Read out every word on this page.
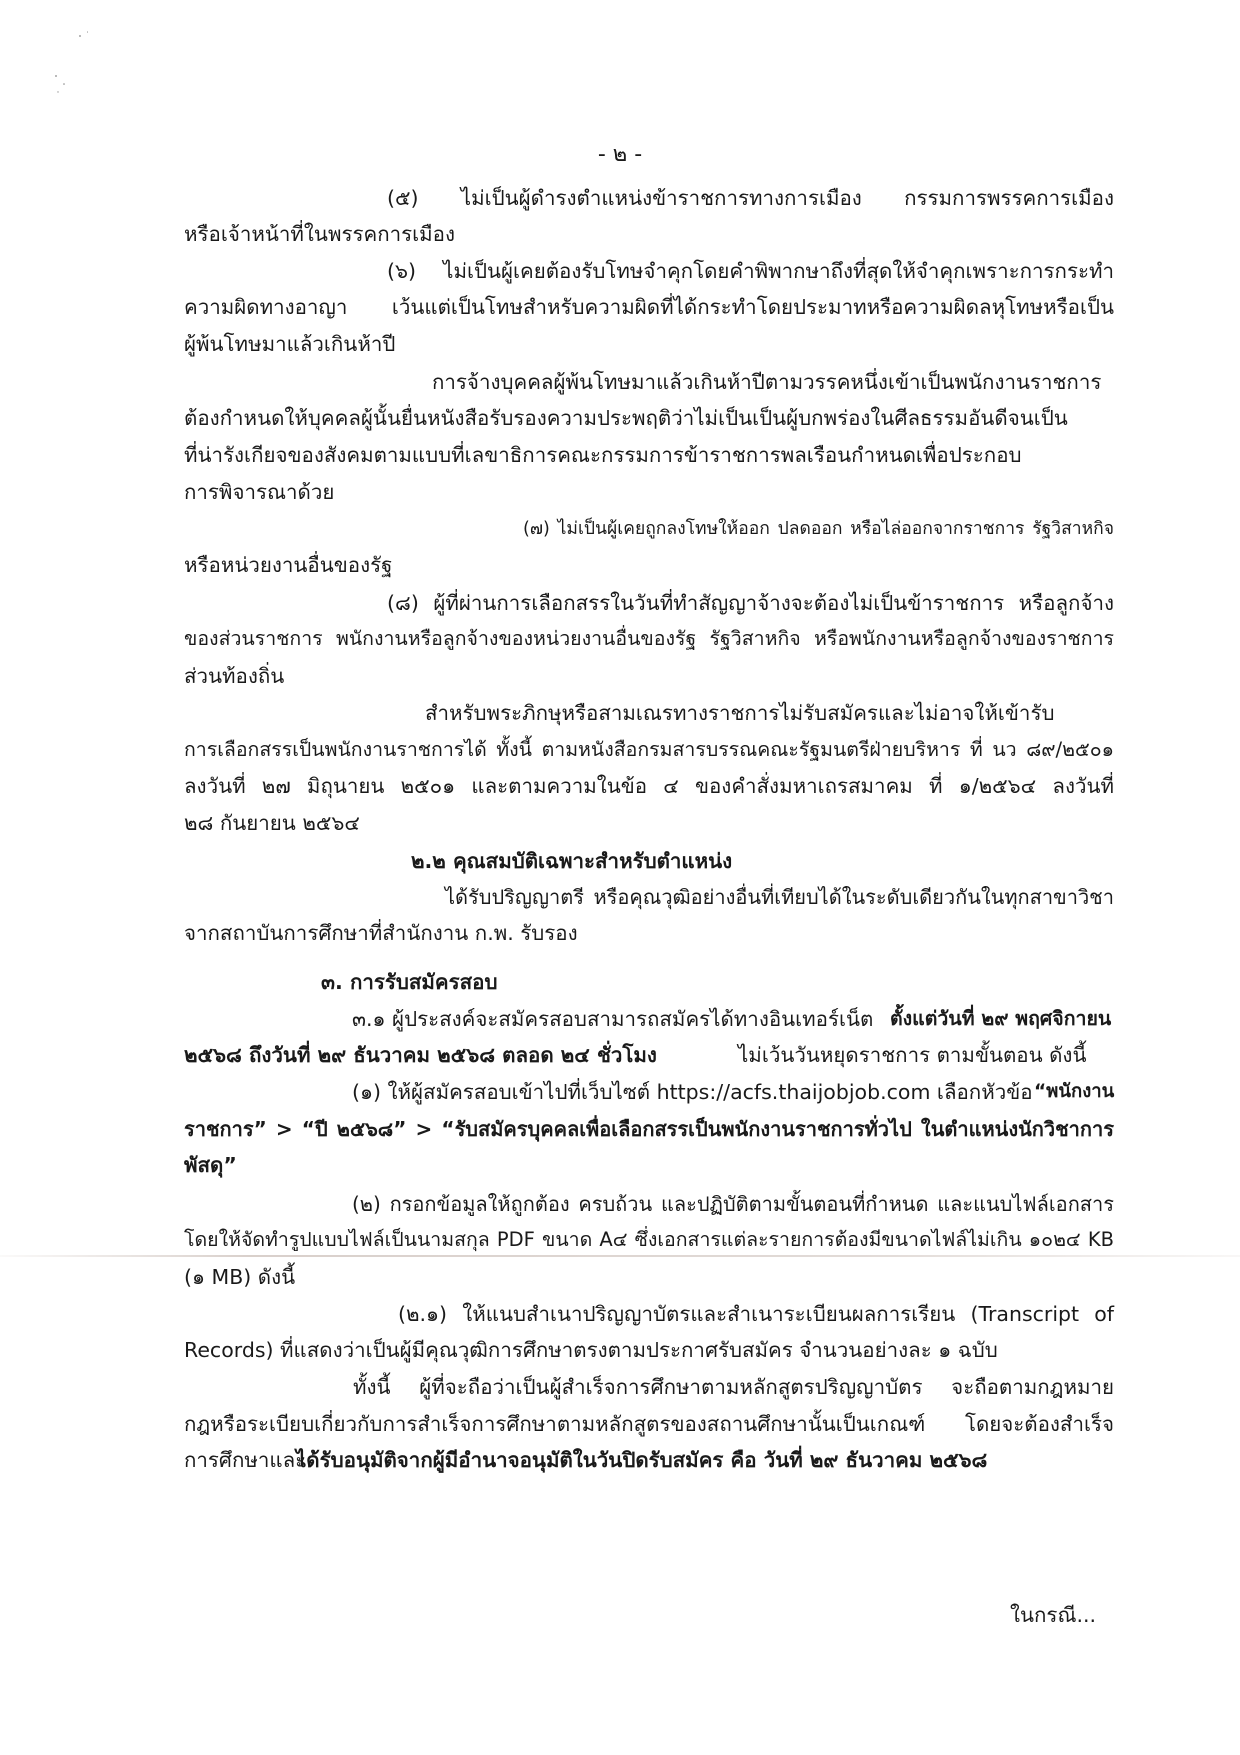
- ๒ -
(๕) ไม่เป็นผู้ดำรงตำแหน่งข้าราชการทางการเมือง กรรมการพรรคการเมือง
หรือเจ้าหน้าที่ในพรรคการเมือง
(๖) ไม่เป็นผู้เคยต้องรับโทษจำคุกโดยคำพิพากษาถึงที่สุดให้จำคุกเพราะการกระทำ
ความผิดทางอาญา เว้นแต่เป็นโทษสำหรับความผิดที่ได้กระทำโดยประมาทหรือความผิดลหุโทษหรือเป็น
ผู้พ้นโทษมาแล้วเกินห้าปี
การจ้างบุคคลผู้พ้นโทษมาแล้วเกินห้าปีตามวรรคหนึ่งเข้าเป็นพนักงานราชการ
ต้องกำหนดให้บุคคลผู้นั้นยื่นหนังสือรับรองความประพฤติว่าไม่เป็นเป็นผู้บกพร่องในศีลธรรมอันดีจนเป็น
ที่น่ารังเกียจของสังคมตามแบบที่เลขาธิการคณะกรรมการข้าราชการพลเรือนกำหนดเพื่อประกอบ
การพิจารณาด้วย
(๗) ไม่เป็นผู้เคยถูกลงโทษให้ออก ปลดออก หรือไล่ออกจากราชการ รัฐวิสาหกิจ
หรือหน่วยงานอื่นของรัฐ
(๘) ผู้ที่ผ่านการเลือกสรรในวันที่ทำสัญญาจ้างจะต้องไม่เป็นข้าราชการ หรือลูกจ้าง
ของส่วนราชการ พนักงานหรือลูกจ้างของหน่วยงานอื่นของรัฐ รัฐวิสาหกิจ หรือพนักงานหรือลูกจ้างของราชการ
ส่วนท้องถิ่น
สำหรับพระภิกษุหรือสามเณรทางราชการไม่รับสมัครและไม่อาจให้เข้ารับ
การเลือกสรรเป็นพนักงานราชการได้ ทั้งนี้ ตามหนังสือกรมสารบรรณคณะรัฐมนตรีฝ่ายบริหาร ที่ นว ๘๙/๒๕๐๑
ลงวันที่ ๒๗ มิถุนายน ๒๕๐๑ และตามความในข้อ ๔ ของคำสั่งมหาเถรสมาคม ที่ ๑/๒๕๖๔ ลงวันที่
๒๘ กันยายน ๒๕๖๔
๒.๒ คุณสมบัติเฉพาะสำหรับตำแหน่ง
ได้รับปริญญาตรี หรือคุณวุฒิอย่างอื่นที่เทียบได้ในระดับเดียวกันในทุกสาขาวิชา
จากสถาบันการศึกษาที่สำนักงาน ก.พ. รับรอง
๓. การรับสมัครสอบ
๓.๑ ผู้ประสงค์จะสมัครสอบสามารถสมัครได้ทางอินเทอร์เน็ต ตั้งแต่วันที่ ๒๙ พฤศจิกายน
๒๕๖๘ ถึงวันที่ ๒๙ ธันวาคม ๒๕๖๘ ตลอด ๒๔ ชั่วโมง	ไม่เว้นวันหยุดราชการ ตามขั้นตอน ดังนี้
(๑) ให้ผู้สมัครสอบเข้าไปที่เว็บไซต์ https://acfs.thaijobjob.com เลือกหัวข้อ “พนักงาน
ราชการ” > “ปี ๒๕๖๘” > “รับสมัครบุคคลเพื่อเลือกสรรเป็นพนักงานราชการทั่วไป ในตำแหน่งนักวิชาการ
พัสดุ”
(๒) กรอกข้อมูลให้ถูกต้อง ครบถ้วน และปฏิบัติตามขั้นตอนที่กำหนด และแนบไฟล์เอกสาร
โดยให้จัดทำรูปแบบไฟล์เป็นนามสกุล PDF ขนาด A๔ ซึ่งเอกสารแต่ละรายการต้องมีขนาดไฟล์ไม่เกิน ๑๐๒๔ KB
(๑ MB) ดังนี้
(๒.๑) ให้แนบสำเนาปริญญาบัตรและสำเนาระเบียนผลการเรียน (Transcript of
Records) ที่แสดงว่าเป็นผู้มีคุณวุฒิการศึกษาตรงตามประกาศรับสมัคร จำนวนอย่างละ ๑ ฉบับ
ทั้งนี้ ผู้ที่จะถือว่าเป็นผู้สำเร็จการศึกษาตามหลักสูตรปริญญาบัตร จะถือตามกฎหมาย
กฎหรือระเบียบเกี่ยวกับการสำเร็จการศึกษาตามหลักสูตรของสถานศึกษานั้นเป็นเกณฑ์ โดยจะต้องสำเร็จ
การศึกษาและ
ได้รับอนุมัติจากผู้มีอำนาจอนุมัติในวันปิดรับสมัคร คือ วันที่ ๒๙ ธันวาคม ๒๕๖๘
ในกรณี...
